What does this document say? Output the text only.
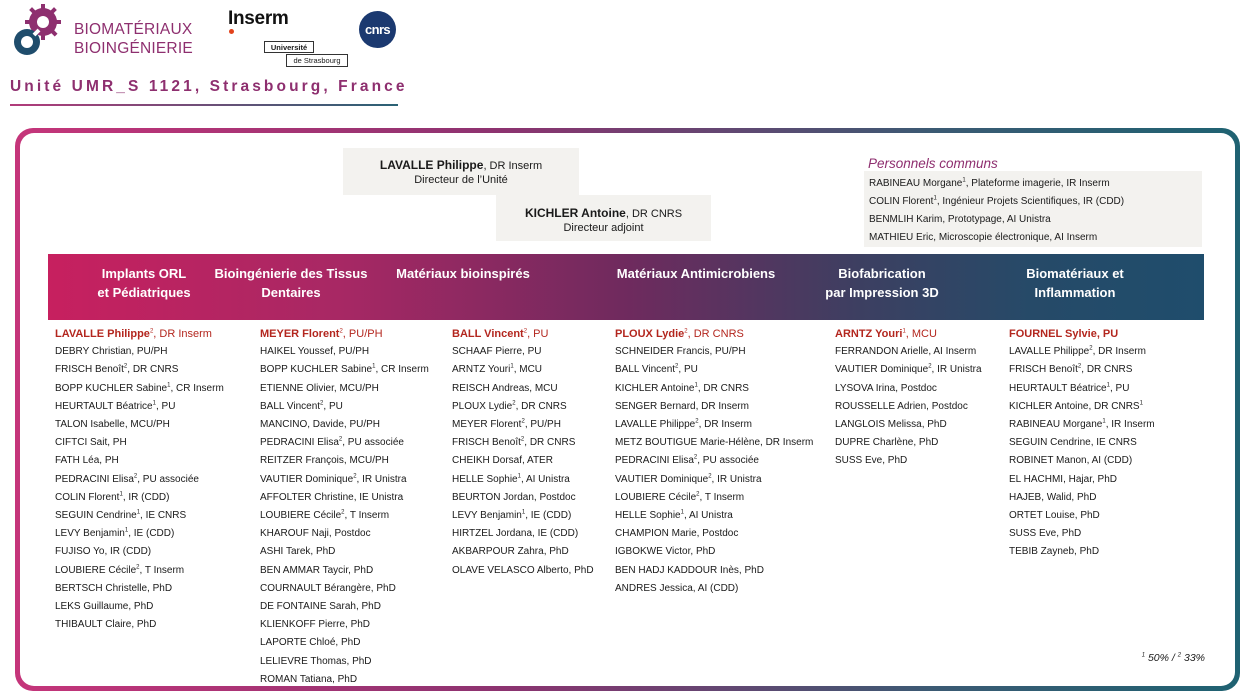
BIOMATÉRIAUX
BIOINGÉNIERIE
Inserm
Université
de Strasbourg
cnrs
Unité UMR_S 1121, Strasbourg, France
LAVALLE Philippe, DR Inserm
Directeur de l’Unité
KICHLER Antoine, DR CNRS
Directeur adjoint
Personnels communs
RABINEAU Morgane$^1$, Plateforme imagerie, IR Inserm
COLIN Florent$^1$, Ingénieur Projets Scientifiques, IR (CDD)
BENMLIH Karim, Prototypage, AI Unistra
MATHIEU Eric, Microscopie électronique, AI Inserm
Implants ORL
et Pédiatriques
Bioingénierie des Tissus
Dentaires
Matériaux bioinspirés	Matériaux Antimicrobiens	Biofabrication
par Impression 3D
Biomatériaux et
Inflammation
LAVALLE Philippe$^2$, DR Inserm
DEBRY Christian, PU/PH
FRISCH Benoît$^2$, DR CNRS
BOPP KUCHLER Sabine$^1$, CR Inserm
HEURTAULT Béatrice$^1$, PU
TALON Isabelle, MCU/PH
CIFTCI Sait, PH
FATH Léa, PH
PEDRACINI Elisa$^2$, PU associée
COLIN Florent$^1$, IR (CDD)
SEGUIN Cendrine$^1$, IE CNRS
LEVY Benjamin$^1$, IE (CDD)
FUJISO Yo, IR (CDD)
LOUBIERE Cécile$^2$, T Inserm
BERTSCH Christelle, PhD
LEKS Guillaume, PhD
THIBAULT Claire, PhD
MEYER Florent$^2$, PU/PH
HAIKEL Youssef, PU/PH
BOPP KUCHLER Sabine$^1$, CR Inserm
ETIENNE Olivier, MCU/PH
BALL Vincent$^2$, PU
MANCINO, Davide, PU/PH
PEDRACINI Elisa$^2$, PU associée
REITZER François, MCU/PH
VAUTIER Dominique$^2$, IR Unistra
AFFOLTER Christine, IE Unistra
LOUBIERE Cécile$^2$, T Inserm
KHAROUF Naji, Postdoc
ASHI Tarek, PhD
BEN AMMAR Taycir, PhD
COURNAULT Bérangère, PhD
DE FONTAINE Sarah, PhD
KLIENKOFF Pierre, PhD
LAPORTE Chloé, PhD
LELIEVRE Thomas, PhD
ROMAN Tatiana, PhD
BALL Vincent$^2$, PU
SCHAAF Pierre, PU
ARNTZ Youri$^1$, MCU
REISCH Andreas, MCU
PLOUX Lydie$^2$, DR CNRS
MEYER Florent$^2$, PU/PH
FRISCH Benoît$^2$, DR CNRS
CHEIKH Dorsaf, ATER
HELLE Sophie$^1$, AI Unistra
BEURTON Jordan, Postdoc
LEVY Benjamin$^1$, IE (CDD)
HIRTZEL Jordana, IE (CDD)
AKBARPOUR Zahra, PhD
OLAVE VELASCO Alberto, PhD
PLOUX Lydie$^2$, DR CNRS
SCHNEIDER Francis, PU/PH
BALL Vincent$^2$, PU
KICHLER Antoine$^1$, DR CNRS
SENGER Bernard, DR Inserm
LAVALLE Philippe$^2$, DR Inserm
METZ BOUTIGUE Marie-Hélène, DR Inserm
PEDRACINI Elisa$^2$, PU associée
VAUTIER Dominique$^2$, IR Unistra
LOUBIERE Cécile$^2$, T Inserm
HELLE Sophie$^1$, AI Unistra
CHAMPION Marie, Postdoc
IGBOKWE Victor, PhD
BEN HADJ KADDOUR Inès, PhD
ANDRES Jessica, AI (CDD)
ARNTZ Youri$^1$, MCU
FERRANDON Arielle, AI Inserm
VAUTIER Dominique$^2$, IR Unistra
LYSOVA Irina, Postdoc
ROUSSELLE Adrien, Postdoc
LANGLOIS Melissa, PhD
DUPRE Charlène, PhD
SUSS Eve, PhD
FOURNEL Sylvie, PU
LAVALLE Philippe$^2$, DR Inserm
FRISCH Benoît$^2$, DR CNRS
HEURTAULT Béatrice$^1$, PU
KICHLER Antoine, DR CNRS$^1$
RABINEAU Morgane$^1$, IR Inserm
SEGUIN Cendrine, IE CNRS
ROBINET Manon, AI (CDD)
EL HACHMI, Hajar, PhD
HAJEB, Walid, PhD
ORTET Louise, PhD
SUSS Eve, PhD
TEBIB Zayneb, PhD
$^1$ 50% / $^2$ 33%
